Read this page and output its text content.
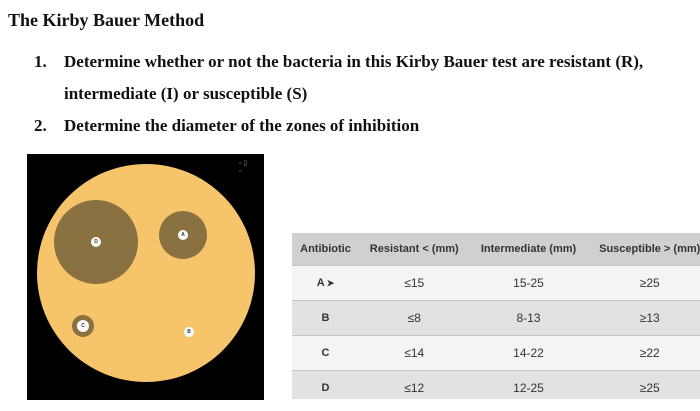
The Kirby Bauer Method
1.	Determine whether or not the bacteria in this Kirby Bauer test are resistant (R), intermediate (I) or susceptible (S)
2.	Determine the diameter of the zones of inhibition
D
A
C
B
▫ ▯
▫
Antibiotic	Resistant < (mm)	Intermediate (mm)	Susceptible > (mm)
A ➤	≤15	15-25	≥25
B	≤8	8-13	≥13
C	≤14	14-22	≥22
D	≤12	12-25	≥25
